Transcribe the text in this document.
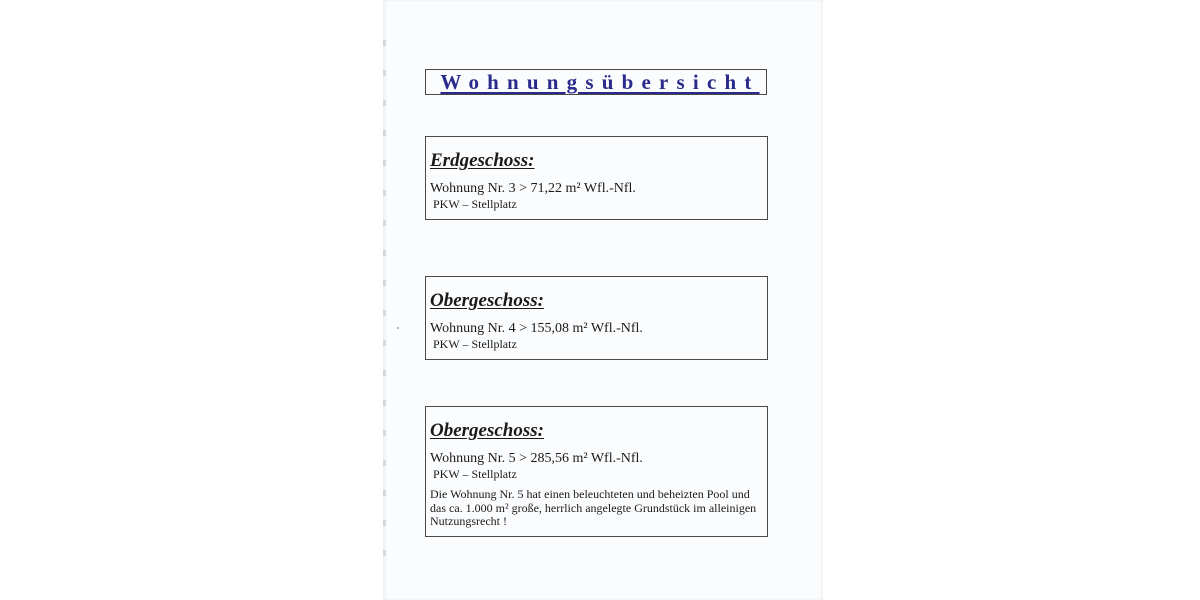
Wohnungsübersicht
Erdgeschoss:
Wohnung Nr. 3 > 71,22 m² Wfl.-Nfl.
PKW – Stellplatz
Obergeschoss:
Wohnung Nr. 4 > 155,08 m² Wfl.-Nfl.
PKW – Stellplatz
Obergeschoss:
Wohnung Nr. 5 > 285,56 m² Wfl.-Nfl.
PKW – Stellplatz
Die Wohnung Nr. 5 hat einen beleuchteten und beheizten Pool und das ca. 1.000 m² große, herrlich angelegte Grundstück im alleinigen Nutzungsrecht !
